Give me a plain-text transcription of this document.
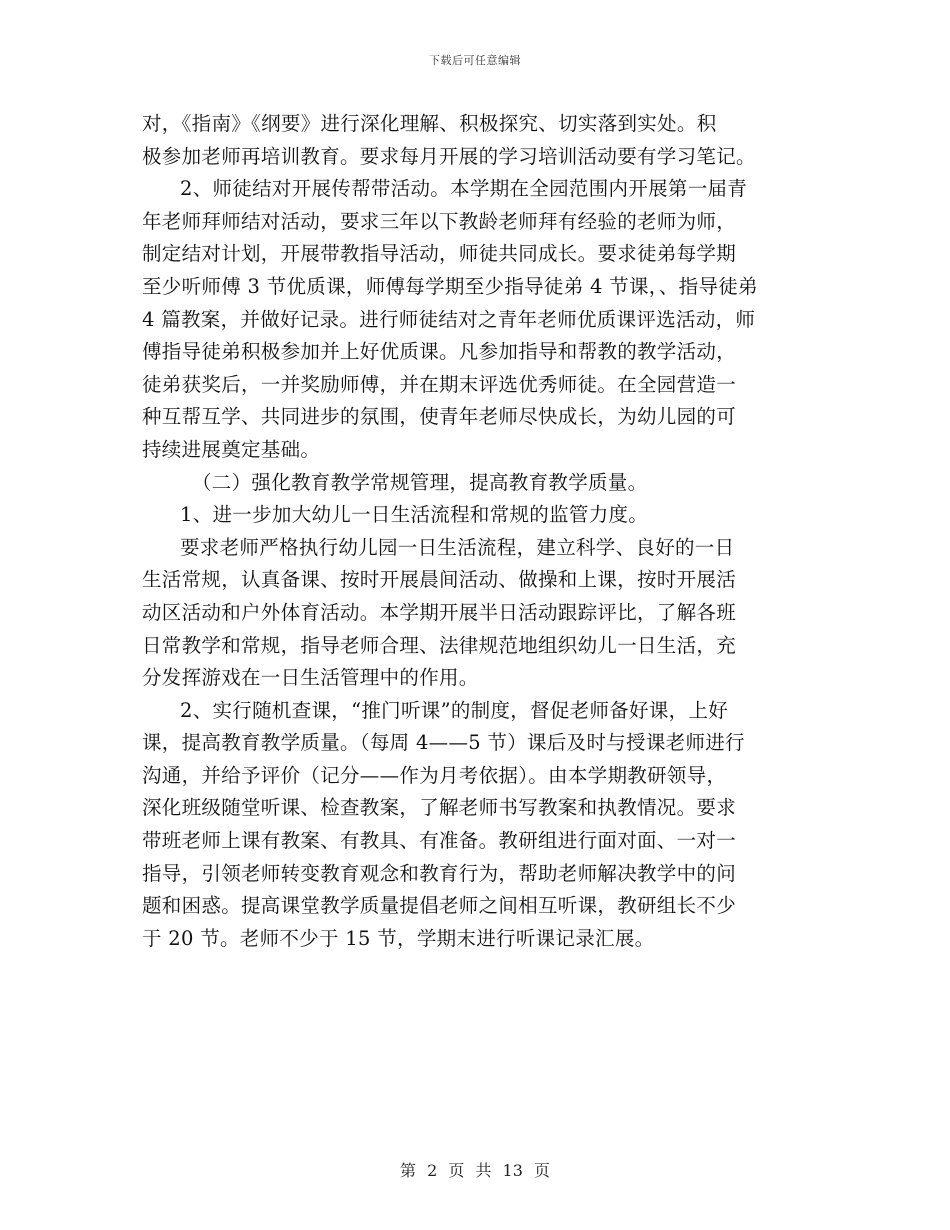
下载后可任意编辑
对，《指南》《纲要》进行深化理解、积极探究、切实落到实处。积
极参加老师再培训教育。要求每月开展的学习培训活动要有学习笔记。
2、师徒结对开展传帮带活动。本学期在全园范围内开展第一届青
年老师拜师结对活动，要求三年以下教龄老师拜有经验的老师为师，
制定结对计划，开展带教指导活动，师徒共同成长。要求徒弟每学期
至少听师傅 3 节优质课，师傅每学期至少指导徒弟 4 节课，、指导徒弟
4 篇教案，并做好记录。进行师徒结对之青年老师优质课评选活动，师
傅指导徒弟积极参加并上好优质课。凡参加指导和帮教的教学活动，
徒弟获奖后，一并奖励师傅，并在期末评选优秀师徒。在全园营造一
种互帮互学、共同进步的氛围，使青年老师尽快成长，为幼儿园的可
持续进展奠定基础。
（二）强化教育教学常规管理，提高教育教学质量。
1、进一步加大幼儿一日生活流程和常规的监管力度。
要求老师严格执行幼儿园一日生活流程，建立科学、良好的一日
生活常规，认真备课、按时开展晨间活动、做操和上课，按时开展活
动区活动和户外体育活动。本学期开展半日活动跟踪评比，了解各班
日常教学和常规，指导老师合理、法律规范地组织幼儿一日生活，充
分发挥游戏在一日生活管理中的作用。
2、实行随机查课，“推门听课”的制度，督促老师备好课，上好
课，提高教育教学质量。（每周 4——5 节）课后及时与授课老师进行
沟通，并给予评价（记分——作为月考依据）。由本学期教研领导，
深化班级随堂听课、检查教案，了解老师书写教案和执教情况。要求
带班老师上课有教案、有教具、有准备。教研组进行面对面、一对一
指导，引领老师转变教育观念和教育行为，帮助老师解决教学中的问
题和困惑。提高课堂教学质量提倡老师之间相互听课，教研组长不少
于 20 节。老师不少于 15 节，学期末进行听课记录汇展。
第 2 页 共 13 页
